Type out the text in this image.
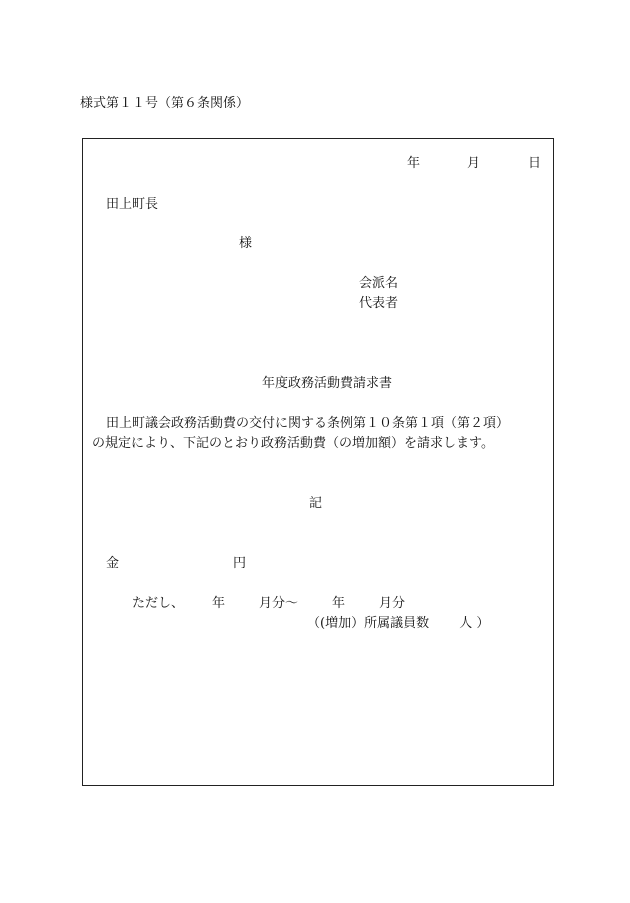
様式第１１号（第６条関係）
年	月	日
田上町長
様
会派名
代表者
年度政務活動費請求書
田上町議会政務活動費の交付に関する条例第１０条第１項（第２項）
の規定により、下記のとおり政務活動費（の増加額）を請求します。
記
金	円
ただし、 年	月分～	年	月分
（(増加）所属議員数　　 人 ）
